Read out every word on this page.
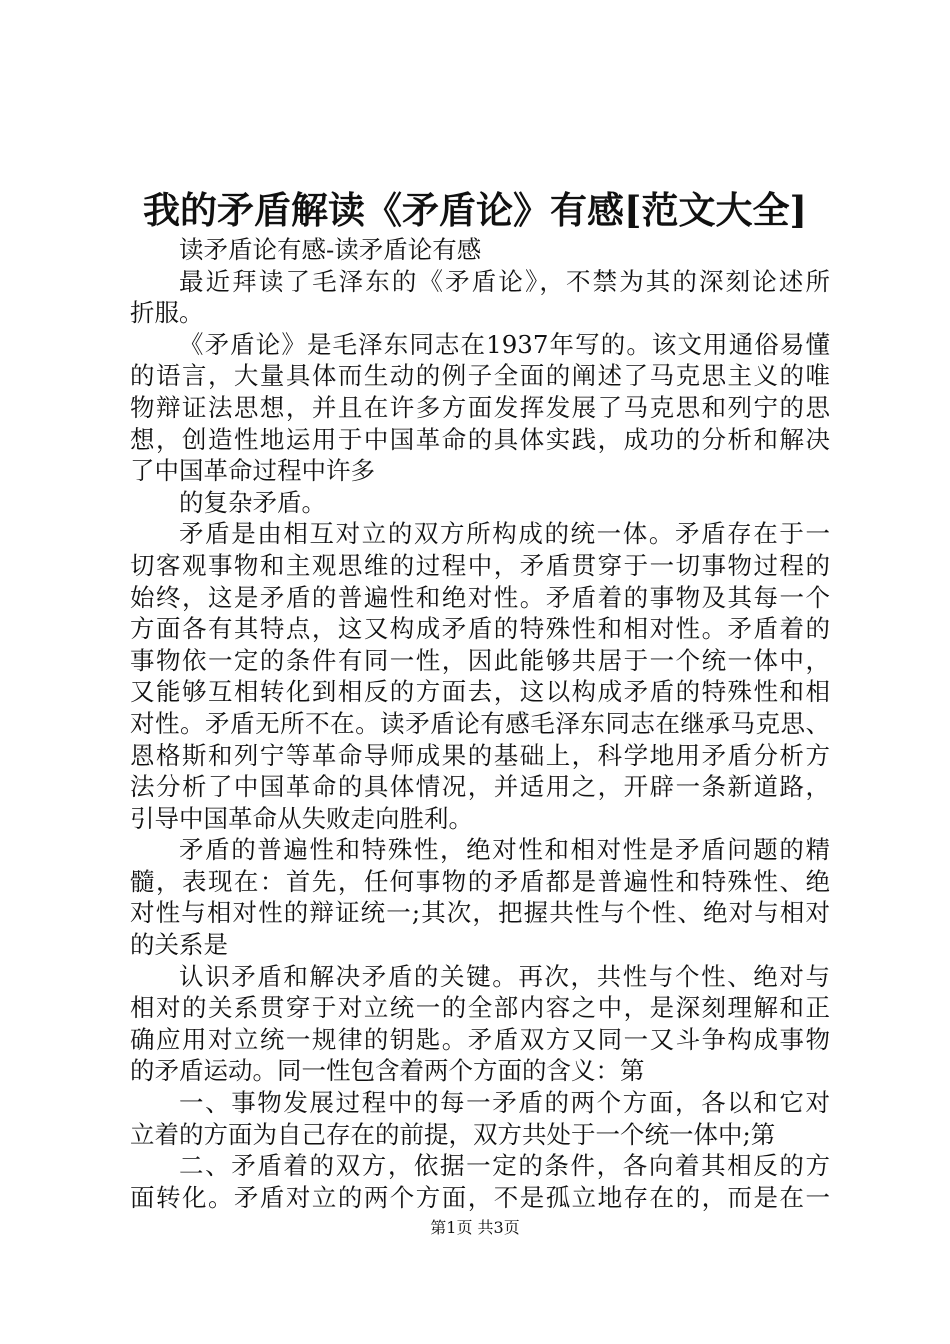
我的矛盾解读《矛盾论》有感[范文大全]
读矛盾论有感-读矛盾论有感
最近拜读了毛泽东的《矛盾论》，不禁为其的深刻论述所
折服。
《矛盾论》是毛泽东同志在1937年写的。该文用通俗易懂
的语言，大量具体而生动的例子全面的阐述了马克思主义的唯
物辩证法思想，并且在许多方面发挥发展了马克思和列宁的思
想，创造性地运用于中国革命的具体实践，成功的分析和解决
了中国革命过程中许多
的复杂矛盾。
矛盾是由相互对立的双方所构成的统一体。矛盾存在于一
切客观事物和主观思维的过程中，矛盾贯穿于一切事物过程的
始终，这是矛盾的普遍性和绝对性。矛盾着的事物及其每一个
方面各有其特点，这又构成矛盾的特殊性和相对性。矛盾着的
事物依一定的条件有同一性，因此能够共居于一个统一体中，
又能够互相转化到相反的方面去，这以构成矛盾的特殊性和相
对性。矛盾无所不在。读矛盾论有感毛泽东同志在继承马克思、
恩格斯和列宁等革命导师成果的基础上，科学地用矛盾分析方
法分析了中国革命的具体情况，并适用之，开辟一条新道路，
引导中国革命从失败走向胜利。
矛盾的普遍性和特殊性，绝对性和相对性是矛盾问题的精
髓，表现在：首先，任何事物的矛盾都是普遍性和特殊性、绝
对性与相对性的辩证统一;其次，把握共性与个性、绝对与相对
的关系是
认识矛盾和解决矛盾的关键。再次，共性与个性、绝对与
相对的关系贯穿于对立统一的全部内容之中，是深刻理解和正
确应用对立统一规律的钥匙。矛盾双方又同一又斗争构成事物
的矛盾运动。同一性包含着两个方面的含义：第
一、事物发展过程中的每一矛盾的两个方面，各以和它对
立着的方面为自己存在的前提，双方共处于一个统一体中;第
二、矛盾着的双方，依据一定的条件，各向着其相反的方
面转化。矛盾对立的两个方面，不是孤立地存在的，而是在一
第1页 共3页
